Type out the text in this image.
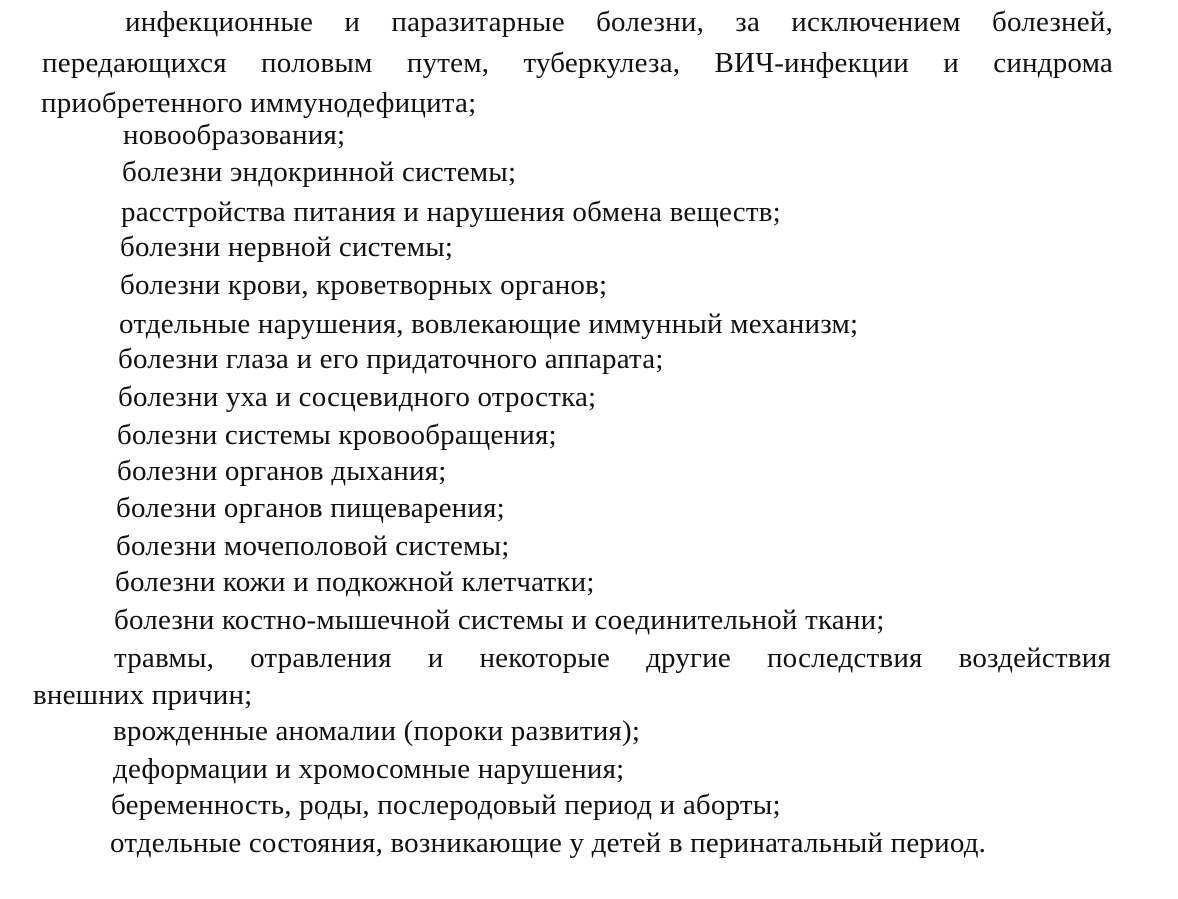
инфекционные и паразитарные болезни, за исключением болезней,
передающихся половым путем, туберкулеза, ВИЧ-инфекции и синдрома
приобретенного иммунодефицита;
новообразования;
болезни эндокринной системы;
расстройства питания и нарушения обмена веществ;
болезни нервной системы;
болезни крови, кроветворных органов;
отдельные нарушения, вовлекающие иммунный механизм;
болезни глаза и его придаточного аппарата;
болезни уха и сосцевидного отростка;
болезни системы кровообращения;
болезни органов дыхания;
болезни органов пищеварения;
болезни мочеполовой системы;
болезни кожи и подкожной клетчатки;
болезни костно-мышечной системы и соединительной ткани;
травмы, отравления и некоторые другие последствия воздействия
внешних причин;
врожденные аномалии (пороки развития);
деформации и хромосомные нарушения;
беременность, роды, послеродовый период и аборты;
отдельные состояния, возникающие у детей в перинатальный период.
